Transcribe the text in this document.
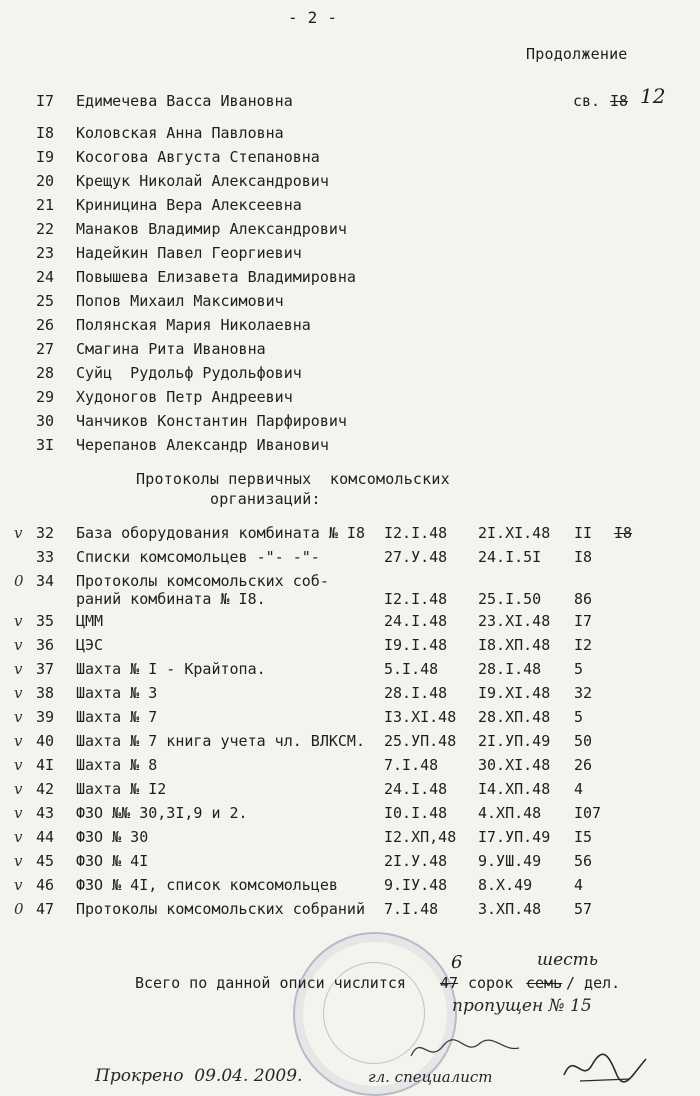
- 2 -
Продолжение
I7 Едимечева Васса Ивановна	св. I8 12
I8 Коловская Анна Павловна
I9 Косогова Августа Степановна
20 Крещук Николай Александрович
21 Криницина Вера Алексеевна
22 Манаков Владимир Александрович
23 Надейкин Павел Георгиевич
24 Повышева Елизавета Владимировна
25 Попов Михаил Максимович
26 Полянская Мария Николаевна
27 Смагина Рита Ивановна
28 Суйц  Рудольф Рудольфович
29 Худоногов Петр Андреевич
30 Чанчиков Константин Парфирович
3I Черепанов Александр Иванович
Протоколы первичных  комсомольских
организаций:
v 32 База оборудования комбината № I8 I2.I.48 2I.XI.48 II I8
33 Списки комсомольцев -"- -"-	27.У.48 24.I.5I I8
0 34 Протоколы комсомольских соб-
раний комбината № I8.	I2.I.48 25.I.50 86
v 35 ЦММ	24.I.48 23.XI.48 I7
v 36 ЦЭС	I9.I.48 I8.XП.48 I2
v 37 Шахта № I - Крайтопа.	5.I.48	28.I.48 5
v 38 Шахта № 3	28.I.48 I9.XI.48 32
v 39 Шахта № 7	I3.XI.48 28.XП.48 5
v 40 Шахта № 7 книга учета чл. ВЛКСМ. 25.УП.48 2I.УП.49 50
v 4I Шахта № 8	7.I.48	30.XI.48 26
v 42 Шахта № I2	24.I.48 I4.XП.48 4
v 43 ФЗО №№ 30,3I,9 и 2.	I0.I.48 4.XП.48 I07
v 44 ФЗО № 30	I2.XП,48 I7.УП.49 I5
v 45 ФЗО № 4I	2I.У.48 9.УШ.49 56
v 46 ФЗО № 4I, список комсомольцев	9.IУ.48 8.Х.49	4
0 47 Протоколы комсомольских собраний 7.I.48	3.XП.48 57
Всего по данной описи числится 47
6
сорок семь
шесть
/ дел.
пропущен № 15
Прокрено  09.04. 2009.	гл. специалист
